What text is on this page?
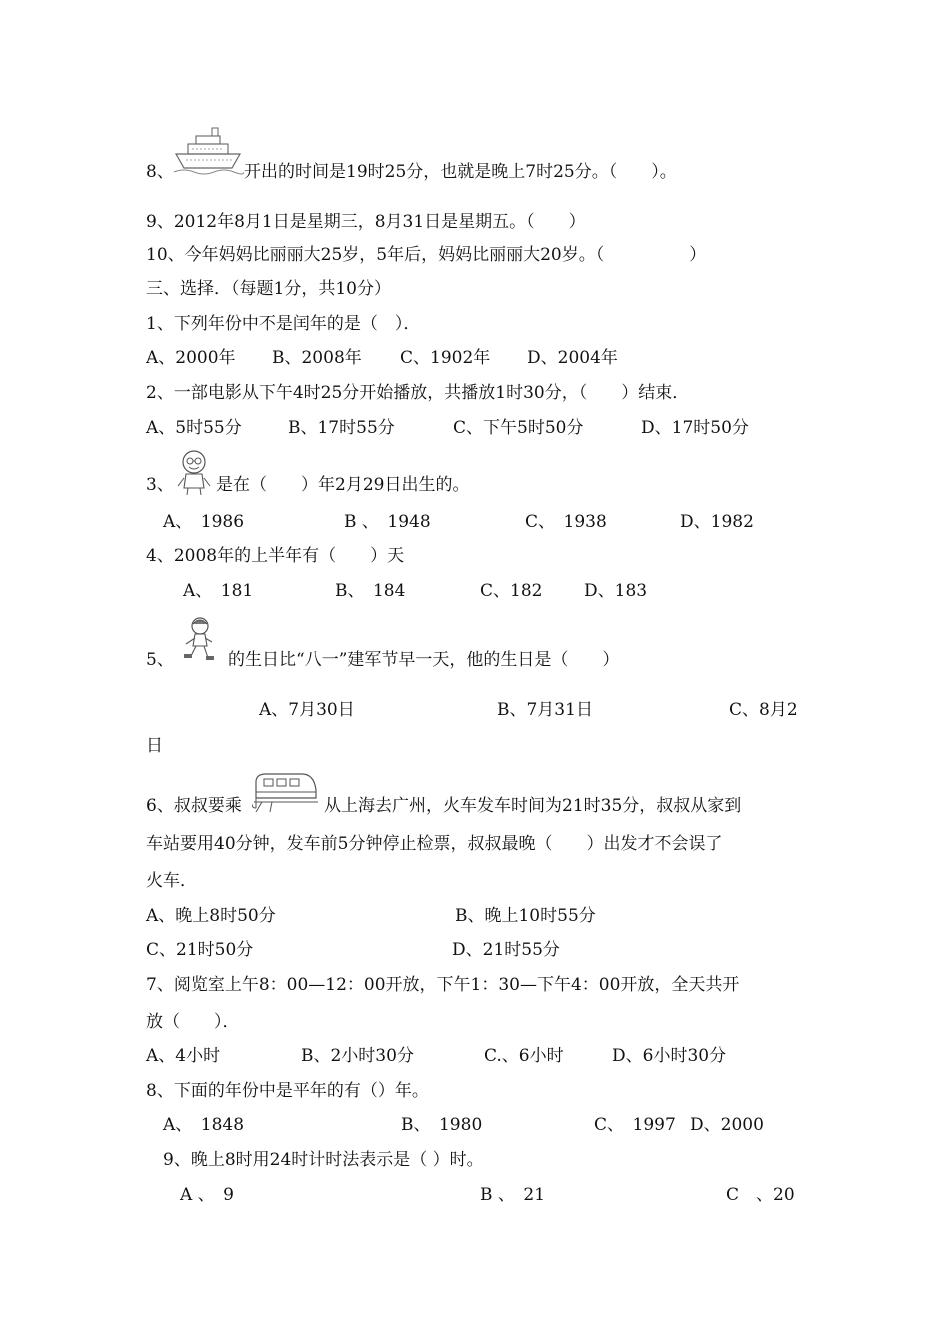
8、	开出的时间是19时25分，也就是晚上7时25分。（　　）。
9、2012年8月1日是星期三，8月31日是星期五。（　　）
10、今年妈妈比丽丽大25岁，5年后，妈妈比丽丽大20岁。（　　　　　）
三、选择．（每题1分，共10分）
1、下列年份中不是闰年的是（　）．
A、2000年 B、2008年 C、1902年 D、2004年
2、一部电影从下午4时25分开始播放，共播放1时30分，（　　）结束．
A、5时55分	B、17时55分	C、下午5时50分	D、17时50分
3、 是在（　　）年2月29日出生的。
A、　1986	B 、　1948	C、　1938	D、1982
4、2008年的上半年有（　　）天
A、　181	B、　184	C、182 D、183
5、	的生日比“八一”建军节早一天，他的生日是（　　）
A、7月30日	B、7月31日	C、8月2
日
6、叔叔要乘	从上海去广州，火车发车时间为21时35分，叔叔从家到
车站要用40分钟，发车前5分钟停止检票，叔叔最晚（　　）出发才不会误了
火车．
A、晚上8时50分	B、晚上10时55分
C、21时50分	D、21时55分
7、阅览室上午8：00—12：00开放，下午1：30—下午4：00开放，全天共开
放（　　）．
A、4小时	B、2小时30分	C.、6小时	D、6小时30分
8、下面的年份中是平年的有（）年。
A、　1848	B、　1980	C、　1997 D、2000
9、晚上8时用24时计时法表示是（ ）时。
A 、　9	B 、　21	C　、20
